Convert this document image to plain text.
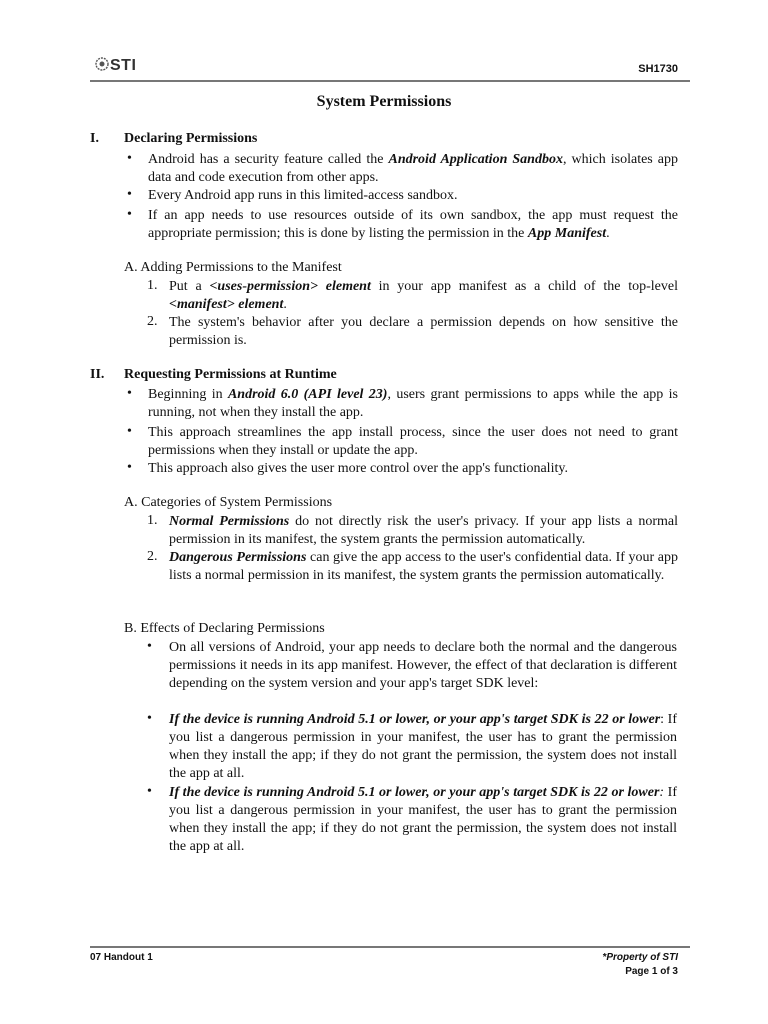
STI	SH1730
System Permissions
I. Declaring Permissions
• Android has a security feature called the Android Application Sandbox, which isolates app data and code execution from other apps.
• Every Android app runs in this limited-access sandbox.
• If an app needs to use resources outside of its own sandbox, the app must request the appropriate permission; this is done by listing the permission in the App Manifest.
A. Adding Permissions to the Manifest
1. Put a <uses-permission> element in your app manifest as a child of the top-level <manifest> element.
2. The system's behavior after you declare a permission depends on how sensitive the permission is.
II. Requesting Permissions at Runtime
• Beginning in Android 6.0 (API level 23), users grant permissions to apps while the app is running, not when they install the app.
• This approach streamlines the app install process, since the user does not need to grant permissions when they install or update the app.
• This approach also gives the user more control over the app's functionality.
A. Categories of System Permissions
1. Normal Permissions do not directly risk the user's privacy. If your app lists a normal permission in its manifest, the system grants the permission automatically.
2. Dangerous Permissions can give the app access to the user's confidential data. If your app lists a normal permission in its manifest, the system grants the permission automatically.
B. Effects of Declaring Permissions
• On all versions of Android, your app needs to declare both the normal and the dangerous permissions it needs in its app manifest. However, the effect of that declaration is different depending on the system version and your app's target SDK level:
• If the device is running Android 5.1 or lower, or your app's target SDK is 22 or lower: If you list a dangerous permission in your manifest, the user has to grant the permission when they install the app; if they do not grant the permission, the system does not install the app at all.
• If the device is running Android 5.1 or lower, or your app's target SDK is 22 or lower: If you list a dangerous permission in your manifest, the user has to grant the permission when they install the app; if they do not grant the permission, the system does not install the app at all.
07 Handout 1	*Property of STI
Page 1 of 3
